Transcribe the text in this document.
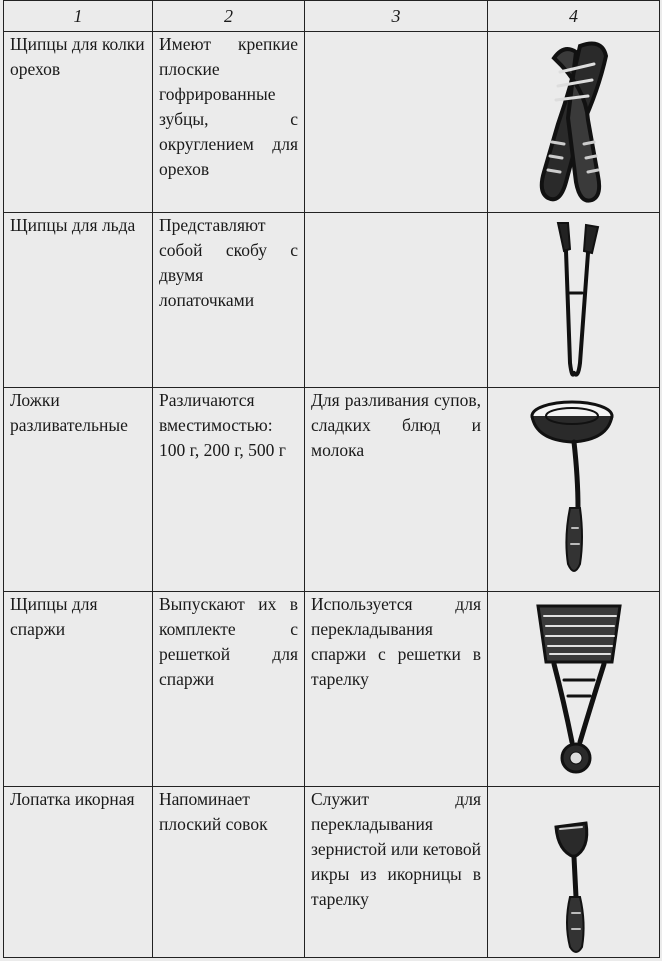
1	2	3	4
Щипцы для колки орехов	Имеют крепкие плоские гофрированные зубцы, с округлением для орехов		

Щипцы для льда	Представляют собой скобу с двумя лопаточками		

Ложки разливательные	Различаются вместимостью: 100 г, 200 г, 500 г	Для разливания супов, сладких блюд и молока	

Щипцы для спаржи	Выпускают их в комплекте с решеткой для спаржи	Используется для перекладывания спаржи с решетки в тарелку	

Лопатка икорная	Напоминает плоский совок	Служит для перекладывания зернистой или кетовой икры из икорницы в тарелку	
